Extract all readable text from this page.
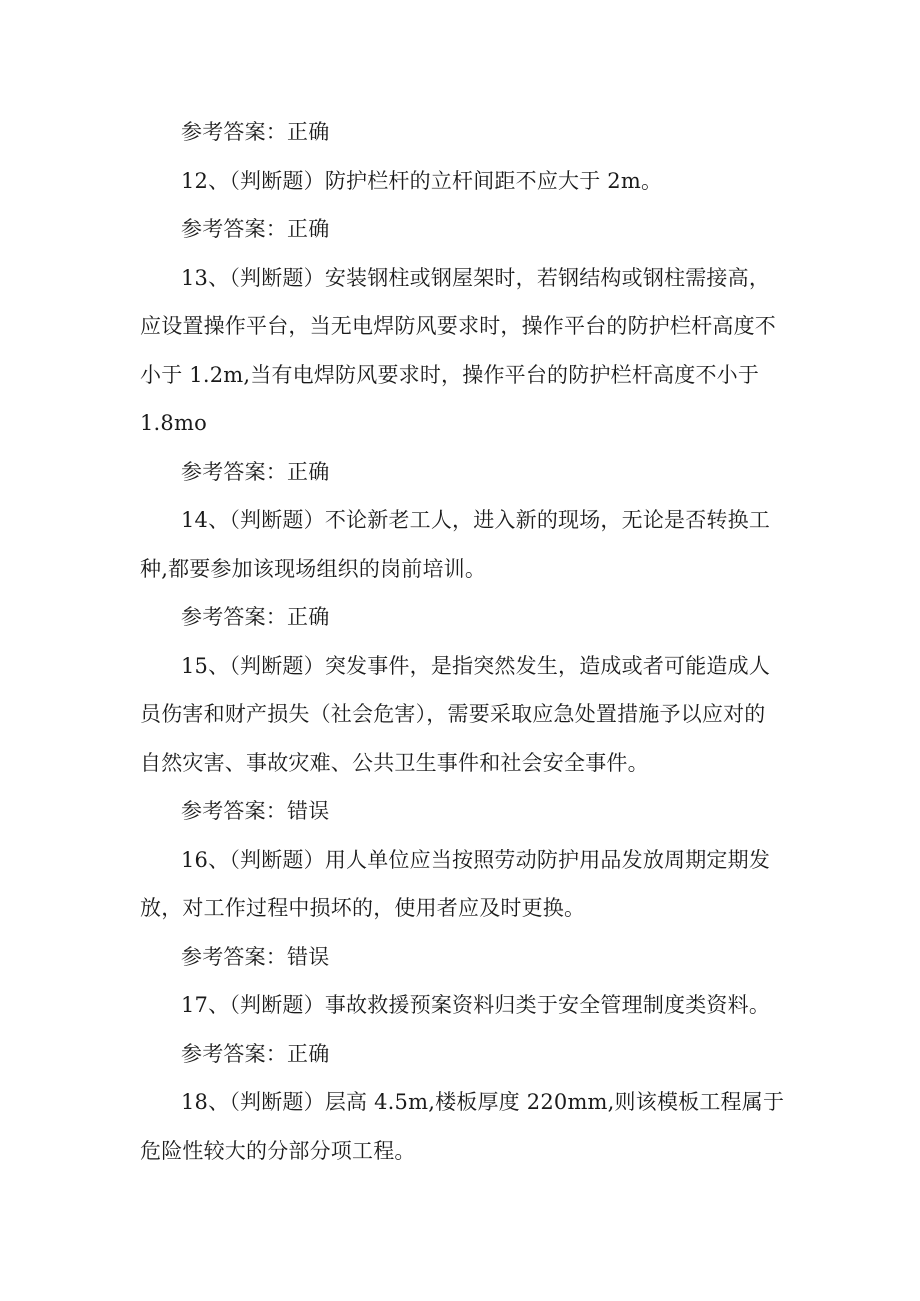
参考答案：正确
12、（判断题）防护栏杆的立杆间距不应大于 2m。
参考答案：正确
13、（判断题）安装钢柱或钢屋架时，若钢结构或钢柱需接高，
应设置操作平台，当无电焊防风要求时，操作平台的防护栏杆高度不
小于 1.2m,当有电焊防风要求时，操作平台的防护栏杆高度不小于
1.8mo
参考答案：正确
14、（判断题）不论新老工人，进入新的现场，无论是否转换工
种,都要参加该现场组织的岗前培训。
参考答案：正确
15、（判断题）突发事件，是指突然发生，造成或者可能造成人
员伤害和财产损失（社会危害），需要采取应急处置措施予以应对的
自然灾害、事故灾难、公共卫生事件和社会安全事件。
参考答案：错误
16、（判断题）用人单位应当按照劳动防护用品发放周期定期发
放，对工作过程中损坏的，使用者应及时更换。
参考答案：错误
17、（判断题）事故救援预案资料归类于安全管理制度类资料。
参考答案：正确
18、（判断题）层高 4.5m,楼板厚度 220mm,则该模板工程属于
危险性较大的分部分项工程。
